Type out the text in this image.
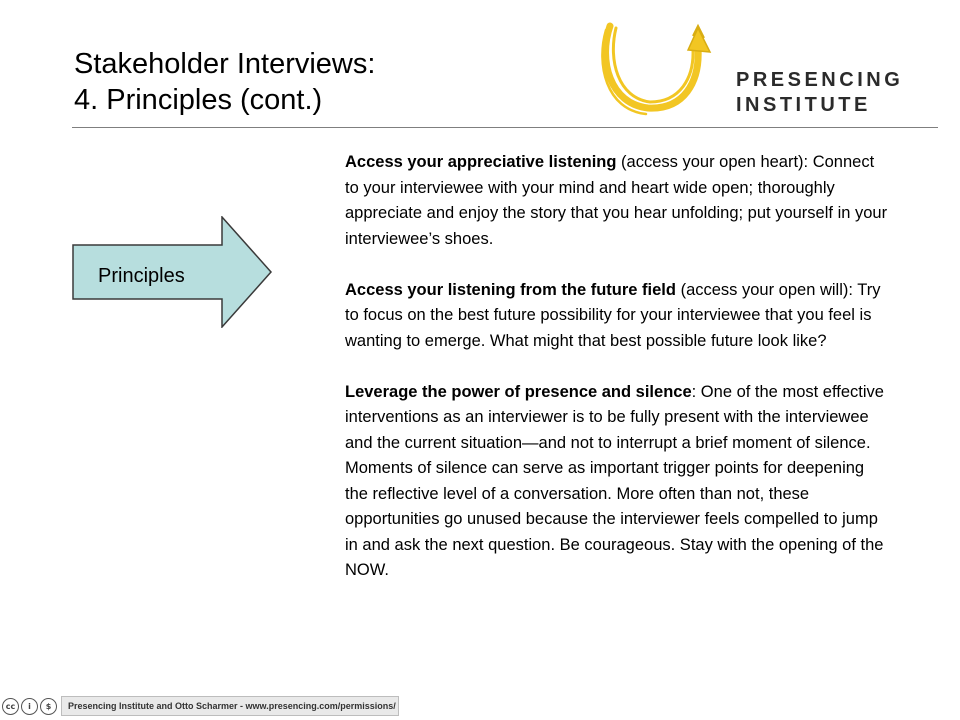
Stakeholder Interviews:
4. Principles (cont.)
PRESENCING
INSTITUTE
Principles

Access your appreciative listening (access your open heart): Connect to your interviewee with your mind and heart wide open; thoroughly appreciate and enjoy the story that you hear unfolding; put yourself in your interviewee’s shoes.

Access your listening from the future field (access your open will): Try to focus on the best future possibility for your interviewee that you feel is wanting to emerge. What might that best possible future look like?

Leverage the power of presence and silence: One of the most effective interventions as an interviewer is to be fully present with the interviewee and the current situation—and not to interrupt a brief moment of silence. Moments of silence can serve as important trigger points for deepening the reflective level of a conversation. More often than not, these opportunities go unused because the interviewer feels compelled to jump in and ask the next question. Be courageous. Stay with the opening of the NOW.

cc	i	$	Presencing Institute and Otto Scharmer - www.presencing.com/permissions/
